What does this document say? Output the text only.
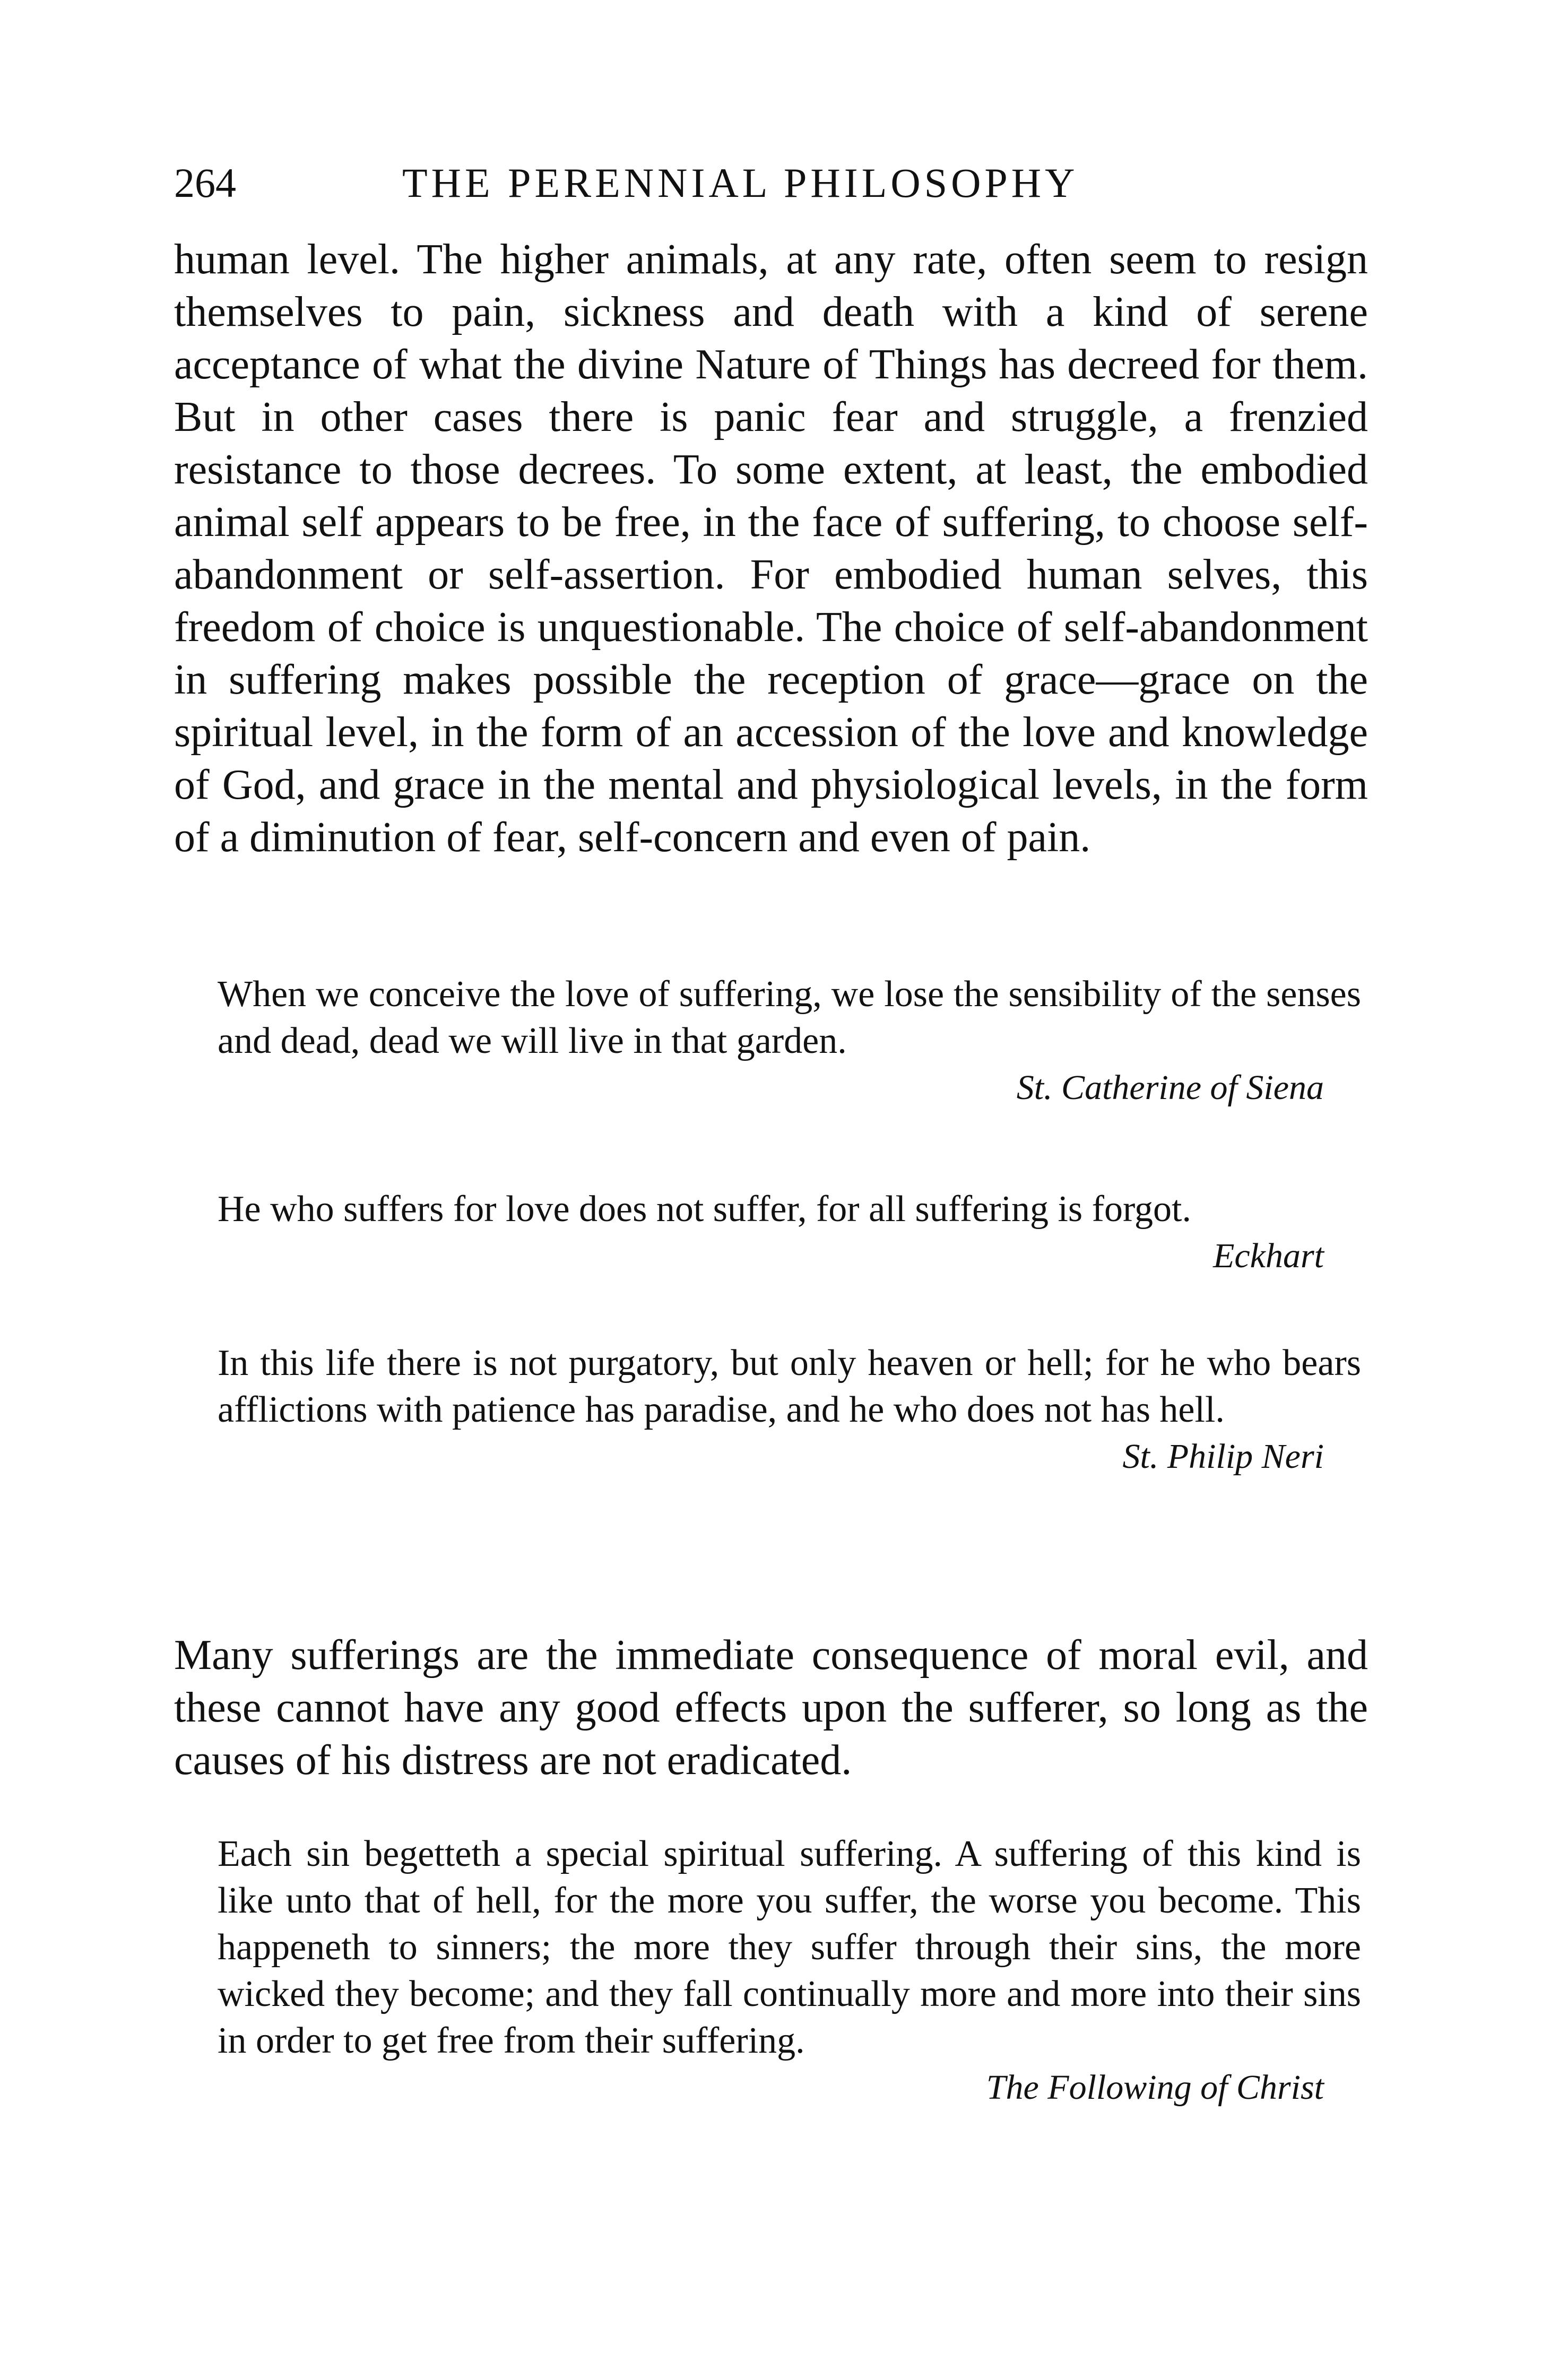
264	THE PERENNIAL PHILOSOPHY

human level. The higher animals, at any rate, often seem to resign themselves to pain, sickness and death with a kind of serene acceptance of what the divine Nature of Things has decreed for them. But in other cases there is panic fear and struggle, a frenzied resistance to those decrees. To some extent, at least, the embodied animal self appears to be free, in the face of suffering, to choose self-abandonment or self-assertion. For embodied human selves, this freedom of choice is unquestionable. The choice of self-abandonment in suffering makes possible the reception of grace—grace on the spiritual level, in the form of an accession of the love and knowledge of God, and grace in the mental and physiological levels, in the form of a diminution of fear, self-concern and even of pain.

When we conceive the love of suffering, we lose the sensibility of the senses and dead, dead we will live in that garden.

St. Catherine of Siena

He who suffers for love does not suffer, for all suffering is forgot.

Eckhart

In this life there is not purgatory, but only heaven or hell; for he who bears afflictions with patience has paradise, and he who does not has hell.

St. Philip Neri

Many sufferings are the immediate consequence of moral evil, and these cannot have any good effects upon the sufferer, so long as the causes of his distress are not eradicated.

Each sin begetteth a special spiritual suffering. A suffering of this kind is like unto that of hell, for the more you suffer, the worse you become. This happeneth to sinners; the more they suffer through their sins, the more wicked they become; and they fall continually more and more into their sins in order to get free from their suffering.

The Following of Christ
